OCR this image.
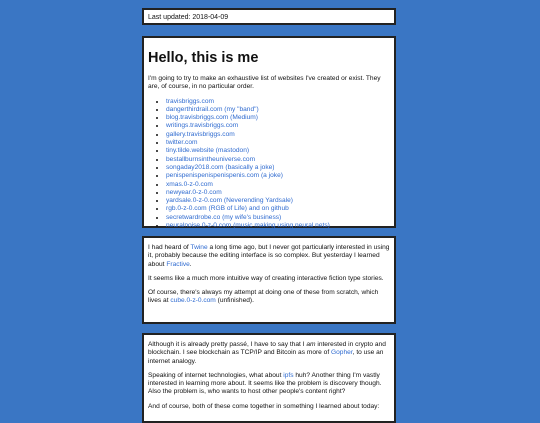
Last updated: 2018-04-09
Hello, this is me

I'm going to try to make an exhaustive list of websites I've created or exist. They are, of course, in no particular order.

• travisbriggs.com
• dangerthirdrail.com (my "band")
• blog.travisbriggs.com (Medium)
• writings.travisbriggs.com
• gallery.travisbriggs.com
• twitter.com
• tiny.tilde.website (mastodon)
• bestallburnsintheuniverse.com
• songaday2018.com (basically a joke)
• penispenispenispenispenis.com (a joke)
• xmas.0-z-0.com
• newyear.0-z-0.com
• yardsale.0-z-0.com (Neverending Yardsale)
• rgb.0-z-0.com (RGB of Life) and on github
• secretwardrobe.co (my wife's business)
• neuralnoise.0-z-0.com (music making using neural nets)

I had heard of Twine a long time ago, but I never got particularly interested in using it, probably because the editing interface is so complex. But yesterday I learned about Fractive.

It seems like a much more intuitive way of creating interactive fiction type stories.

Of course, there's always my attempt at doing one of these from scratch, which lives at cube.0-z-0.com (unfinished).

Although it is already pretty passé, I have to say that I am interested in crypto and blockchain. I see blockchain as TCP/IP and Bitcoin as more of Gopher, to use an internet analogy.

Speaking of internet technologies, what about ipfs huh? Another thing I'm vastly interested in learning more about. It seems like the problem is discovery though. Also the problem is, who wants to host other people's content right?

And of course, both of these come together in something I learned about today:
